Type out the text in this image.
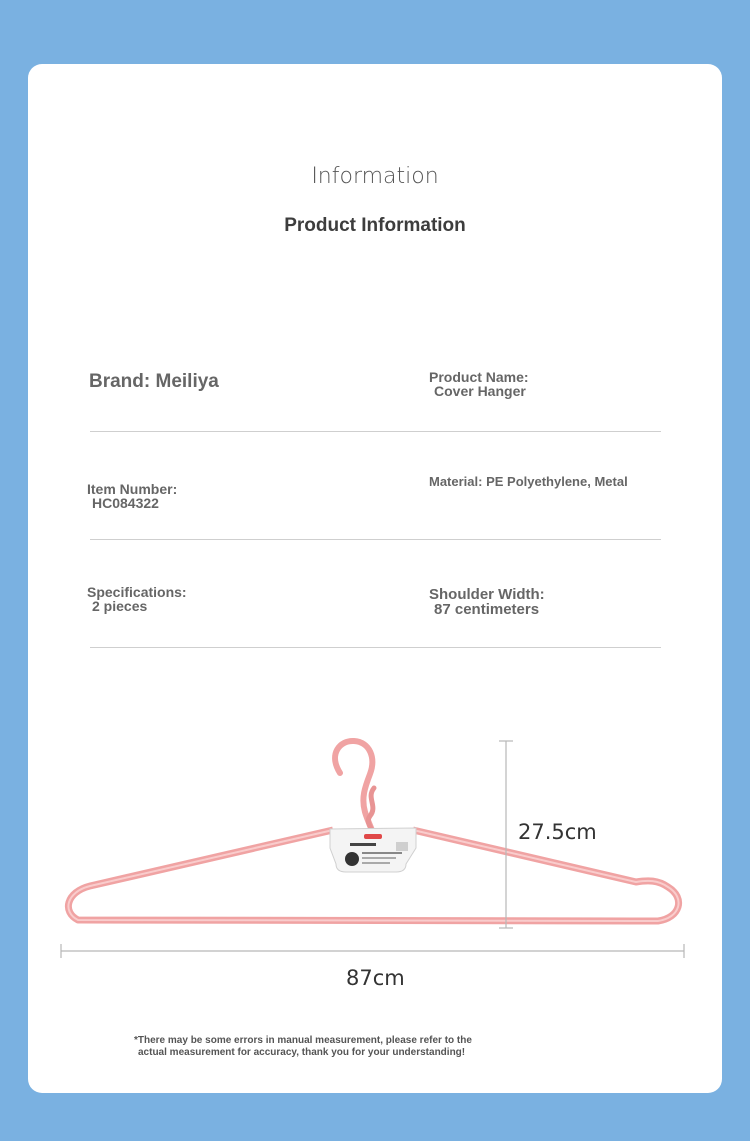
Information
Product Information
Brand: Meiliya	Product Name:
Cover Hanger
Item Number:
HC084322
Material: PE Polyethylene, Metal
Specifications:
2 pieces
Shoulder Width:
87 centimeters
27.5cm
87cm
*There may be some errors in manual measurement, please refer to the
actual measurement for accuracy, thank you for your understanding!
